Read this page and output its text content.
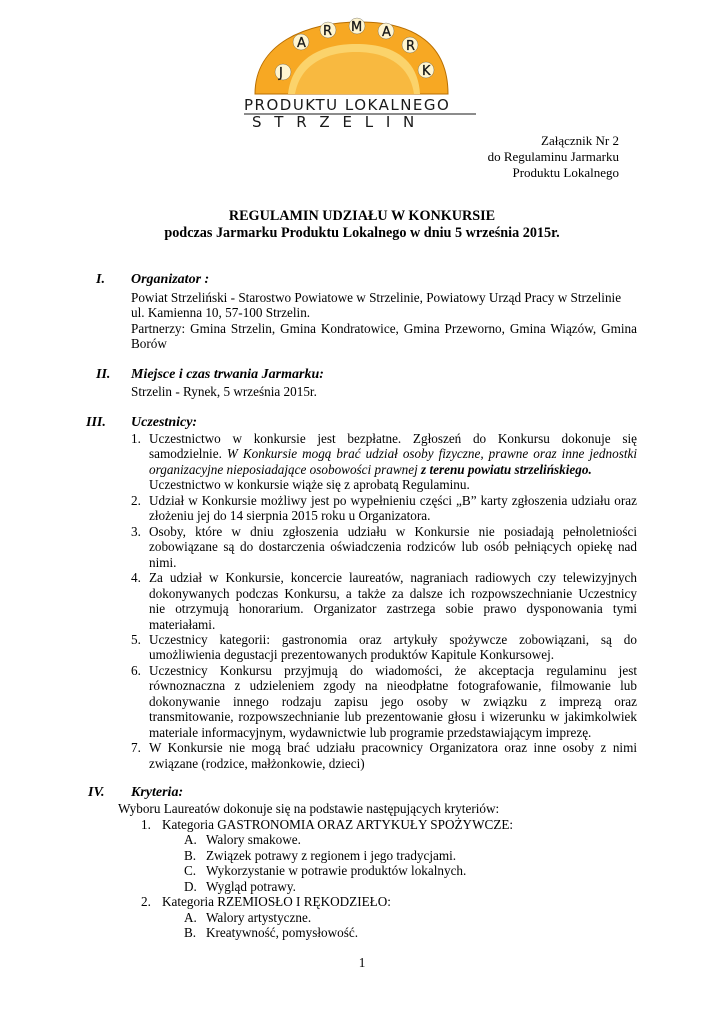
J
A
R M A
R
K
PRODUKTU LOKALNEGO
S T R Z E L I N
Załącznik Nr 2
do Regulaminu Jarmarku
Produktu Lokalnego
REGULAMIN UDZIAŁU W KONKURSIE
podczas Jarmarku Produktu Lokalnego w dniu 5 września 2015r.
I. Organizator :
Powiat Strzeliński - Starostwo Powiatowe w Strzelinie, Powiatowy Urząd Pracy w Strzelinie
ul. Kamienna 10, 57-100 Strzelin.
Partnerzy: Gmina Strzelin, Gmina Kondratowice, Gmina Przeworno, Gmina Wiązów, Gmina
Borów
II. Miejsce i czas trwania Jarmarku:
Strzelin - Rynek, 5 września 2015r.
III. Uczestnicy:
1. Uczestnictwo w konkursie jest bezpłatne. Zgłoszeń do Konkursu dokonuje się
samodzielnie. W Konkursie mogą brać udział osoby fizyczne, prawne oraz inne jednostki
organizacyjne nieposiadające osobowości prawnej z terenu powiatu strzelińskiego.
Uczestnictwo w konkursie wiąże się z aprobatą Regulaminu.
2. Udział w Konkursie możliwy jest po wypełnieniu części „B” karty zgłoszenia udziału oraz
złożeniu jej do 14 sierpnia 2015 roku u Organizatora.
3. Osoby, które w dniu zgłoszenia udziału w Konkursie nie posiadają pełnoletniości
zobowiązane są do dostarczenia oświadczenia rodziców lub osób pełniących opiekę nad
nimi.
4. Za udział w Konkursie, koncercie laureatów, nagraniach radiowych czy telewizyjnych
dokonywanych podczas Konkursu, a także za dalsze ich rozpowszechnianie Uczestnicy
nie otrzymują honorarium. Organizator zastrzega sobie prawo dysponowania tymi
materiałami.
5. Uczestnicy kategorii: gastronomia oraz artykuły spożywcze zobowiązani, są do
umożliwienia degustacji prezentowanych produktów Kapitule Konkursowej.
6. Uczestnicy Konkursu przyjmują do wiadomości, że akceptacja regulaminu jest
równoznaczna z udzieleniem zgody na nieodpłatne fotografowanie, filmowanie lub
dokonywanie innego rodzaju zapisu jego osoby w związku z imprezą oraz
transmitowanie, rozpowszechnianie lub prezentowanie głosu i wizerunku w jakimkolwiek
materiale informacyjnym, wydawnictwie lub programie przedstawiającym imprezę.
7. W Konkursie nie mogą brać udziału pracownicy Organizatora oraz inne osoby z nimi
związane (rodzice, małżonkowie, dzieci)
IV. Kryteria:
Wyboru Laureatów dokonuje się na podstawie następujących kryteriów:
1. Kategoria GASTRONOMIA ORAZ ARTYKUŁY SPOŻYWCZE:
A. Walory smakowe.
B. Związek potrawy z regionem i jego tradycjami.
C. Wykorzystanie w potrawie produktów lokalnych.
D. Wygląd potrawy.
2. Kategoria RZEMIOSŁO I RĘKODZIEŁO:
A. Walory artystyczne.
B. Kreatywność, pomysłowość.
1
